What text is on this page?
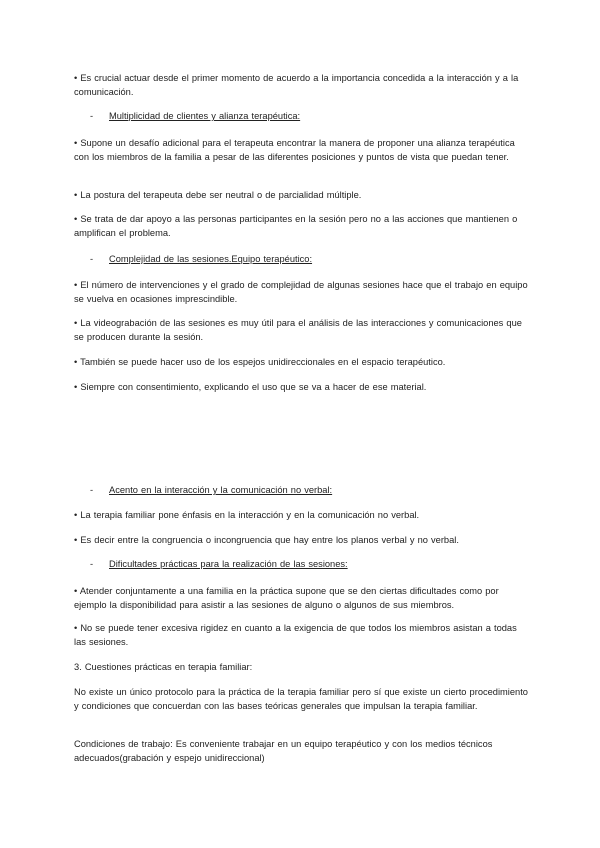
• Es crucial actuar desde el primer momento de acuerdo a la importancia concedida a la interacción y a la comunicación.

- Multiplicidad de clientes y alianza terapéutica:

• Supone un desafío adicional para el terapeuta encontrar la manera de proponer una alianza terapéutica con los miembros de la familia a pesar de las diferentes posiciones y puntos de vista que puedan tener.

• La postura del terapeuta debe ser neutral o de parcialidad múltiple.

• Se trata de dar apoyo a las personas participantes en la sesión pero no a las acciones que mantienen o amplifican el problema.

- Complejidad de las sesiones.Equipo terapéutico:

• El número de intervenciones y el grado de complejidad de algunas sesiones hace que el trabajo en equipo se vuelva en ocasiones imprescindible.

• La videograbación de las sesiones es muy útil para el análisis de las interacciones y comunicaciones que se producen durante la sesión.

• También se puede hacer uso de los espejos unidireccionales en el espacio terapéutico.

• Siempre con consentimiento, explicando el uso que se va a hacer de ese material.

- Acento en la interacción y la comunicación no verbal:

• La terapia familiar pone énfasis en la interacción y en la comunicación no verbal.

• Es decir entre la congruencia o incongruencia que hay entre los planos verbal y no verbal.

- Dificultades prácticas para la realización de las sesiones:

• Atender conjuntamente a una familia en la práctica supone que se den ciertas dificultades como por ejemplo la disponibilidad para asistir a las sesiones de alguno o algunos de sus miembros.

• No se puede tener excesiva rigidez en cuanto a la exigencia de que todos los miembros asistan a todas las sesiones.

3. Cuestiones prácticas en terapia familiar:

No existe un único protocolo para la práctica de la terapia familiar pero sí que existe un cierto procedimiento y condiciones que concuerdan con las bases teóricas generales que impulsan la terapia familiar.

Condiciones de trabajo: Es conveniente trabajar en un equipo terapéutico y con los medios técnicos adecuados(grabación y espejo unidireccional)
